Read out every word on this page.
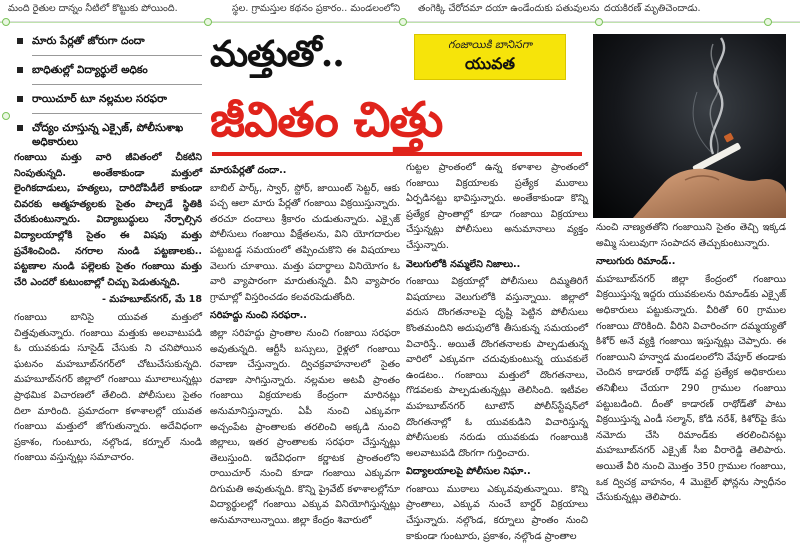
మంది రైతుల దాన్నం నీటిలో కొట్టుకు పోయింది.	స్థల. గ్రామస్తుల కథనం ప్రకారం.. మండలంలోని తంగెక్కి చేరోదమా దయా ఉండేందుకు పతువులను దయకిరణ్ మృతిచెందాడు.
మారు పేర్లతో జోరుగా దందా
బాధితుల్లో విద్యార్థులే అధికం
రాయిచూర్ టూ నల్లమల సరఫరా
చోద్యం చూస్తున్న ఎక్సైజ్, పోలీసుశాఖ అధికారులు
మత్తుతో..	గంజాయికి బానిసగా
యువత
జీవితం చిత్తు

గంజాయి మత్తు వారి జీవితంలో చీకటిని నింపుతున్నది. అంతేకాకుండా మత్తులో లైంగికదాడులు, హత్యలు, దారిదోపిడీలే కాకుండా చివరకు ఆత్మహత్యలకు సైతం పాల్పడే స్థితికి చేరుకుంటున్నారు. విద్యాబుద్ధులు నేర్పాల్సిన విద్యాలయాల్లోకి సైతం ఈ విషపు మత్తు ప్రవేశించింది. నగరాల నుండి పట్టణాలకు.. పట్టణాల నుండి పల్లెలకు సైతం గంజాయి మత్తు చేరి ఎందరో కుటుంబాల్లో చిచ్చు పెడుతున్నది.

- మహబూబ్‌నగర్, మే 18

గంజాయి బానిసై యువత మత్తులో చిత్తవుతున్నారు. గంజాయి మత్తుకు అలవాటుపడి ఓ యువకుడు సూసైడ్ చేసుకు ని చనిపోయిన ఘటనం మహబూబ్‌నగర్‌లో చోటుచేసుకున్నది. మహబూబ్‌నగర్ జిల్లాలో గంజాయి మూలాలున్నట్లు ప్రాథమిక విచారణలో తేలింది. పోలీసులు సైతం దిలా మారింది. ప్రమాదంగా కళాశాలల్లో యువత గంజాయి మత్తులో జోగుతున్నారు. అదేవిధంగా ప్రకాశం, గుంటూరు, నల్గొండ, కర్నూల్ నుండి గంజాయి వస్తున్నట్లు సమాచారం.

మారుపేర్లతో దందా..

బాబిల్ పార్క్, స్వార్, స్టోర్, జాయింట్ సెట్టర్, ఆకు పచ్చ ఆలా మారు పేర్లతో గంజాయి విక్రయిస్తున్నారు. తరచూ దందాలు శ్రీకారం చుడుతున్నారు. ఎక్సైజ్ పోలీసులు గంజాయి వీక్షేతలను, విని యోగదారుల పట్టుబడ్డ సమయంలో తప్పించుకొని ఈ విషయాలు వెలుగు చూశాయి. మత్తు పదార్థాలు వినియోగం ఓ వారి వ్యాపారంగా మారుతున్నది. వీని వ్యాపారం గ్రామాల్లో విస్తరించడం కలవరపెడుతోంది.

సరిహద్దు నుంచి సరఫరా..

జిల్లా సరిహద్దు ప్రాంతాల నుంచి గంజాయి సరఫరా అవుతున్నది. ఆర్టీసీ బస్సులు, రైళ్లలో గంజాయి రవాణా చేస్తున్నారు. ద్విచక్రవాహనాలలో సైతం రవాణా సాగిస్తున్నారు. నల్లమల అటవీ ప్రాంతం గంజాయి విక్రయాలకు కేంద్రంగా మారినట్లు అనుమానిస్తున్నారు. ఏపీ నుంచి ఎక్కువగా అచ్చంపేట ప్రాంతాలకు తరలించి అక్కడి నుంచి జిల్లాలు, ఇతర ప్రాంతాలకు సరఫరా చేస్తున్నట్లు తెలుస్తుంది. ఇదేవిధంగా కర్ణాటక ప్రాంతంలోని రాయిచూర్ నుంచి కూడా గంజాయి ఎక్కువగా దిగుమతి అవుతున్నది. కొన్ని ప్రైవేట్ కళాశాలల్లోనూ విద్యార్థులల్లో గంజాయి ఎక్కువ వినియోగిస్తున్నట్లు అనుమానాలున్నాయి. జిల్లా కేంద్రం శివారులో

గుట్టల ప్రాంతంలో ఉన్న కళాశాల ప్రాంతంలో గంజాయి విక్రయాలకు ప్రత్యేక ముఠాలు ఏర్పడినట్టు భావిస్తున్నారు. అంతేకాకుండా కొన్ని ప్రత్యేక ప్రాంతాల్లో కూడా గంజాయి విక్రయాలు చేస్తున్నట్లు పోలీసులు అనుమానాలు వ్యక్తం చేస్తున్నారు.

వెలుగులోకి నమ్మలేని నిజాలు..

గంజాయి విక్రయాల్లో పోలీసులు దిమ్మతిరిగే విషయాలు వెలుగులోకి వస్తున్నాయి. జిల్లాలో వరుస దొంగతనాలపై దృష్టి పెట్టిన పోలీసులు కొంతమందిని అదుపులోకి తీసుకున్న సమయంలో విచారిస్తే.. అయితే దొంగతనాలకు పాల్పడుతున్న వారిలో ఎక్కువగా చదువుకుంటున్న యువకులే ఉండటం.. గంజాయి మత్తులో దొంగతనాలు, గొడవలకు పాల్పడుతున్నట్లు తెలిసింది. ఇటీవల మహబూబ్‌నగర్ టూటౌన్ పోలీస్‌స్టేషన్‌లో దొంగతనాల్లో ఓ యువకుడిని విచారిస్తున్న పోలీసులకు నరుడు యువకుడు గంజాయికి అలవాటుపడి దొంగగా గుర్తించారు.

విద్యాలయాలపై పోలీసుల నిఘా..

గంజాయి ముఠాలు ఎక్కువవుతున్నాయి. కొన్ని ప్రాంతాలు, ఎక్కువ నుంచే బార్డర్ విక్రయాలు చేస్తున్నారు. నల్గొండ, కర్నూలు ప్రాంతం నుంచి కాకుండా గుంటూరు, ప్రకాశం, నల్గొండ ప్రాంతాల

నుంచి నాణ్యతతోని గంజాయిని సైతం తెచ్చి ఇక్కడ అమ్మి సులువుగా సంపాదన తెచ్చుకుంటున్నారు.

నాలుగురు రిమాండ్..

మహబూబ్‌నగర్ జిల్లా కేంద్రంలో గంజాయి విక్రయిస్తున్న ఇద్దరు యువకులను రిమాండ్‌కు ఎక్సైజ్ అధికారులు పట్టుకున్నారు. వీరితో 60 గ్రాముల గంజాయి దొరికింది. వీరిని విచారించగా దమ్మయ్యతో కిశోర్ అనే వ్యక్తి గంజాయి ఇస్తున్నట్లు చెప్పారు. ఈ గంజాయిని హన్వాడ మండలంలోని వేపూర్ తండాకు చెందిన కాడారణ్ రాథోడ్ వద్ద ప్రత్యేక అధికారులు తనిఖీలు చేయగా 290 గ్రాముల గంజాయి పట్టుబడింది. దీంతో కాడారణ్ రాథోడ్‌తో పాటు విక్రయిస్తున్న ఎండీ సల్మాన్, కోడి నరేశ్, కిశోర్‌పై కేసు నమోదు చేసి రిమాండ్‌కు తరలించినట్లు మహబూబ్‌నగర్ ఎక్సైజ్ సీఐ వీరారెడ్డి తెలిపారు. అయితే వీరి నుంచి మొత్తం 350 గ్రాముల గంజాయి, ఒక ద్విచక్ర వాహనం, 4 మొబైల్ ఫోన్లను స్వాధీనం చేసుకున్నట్లు తెలిపారు.
